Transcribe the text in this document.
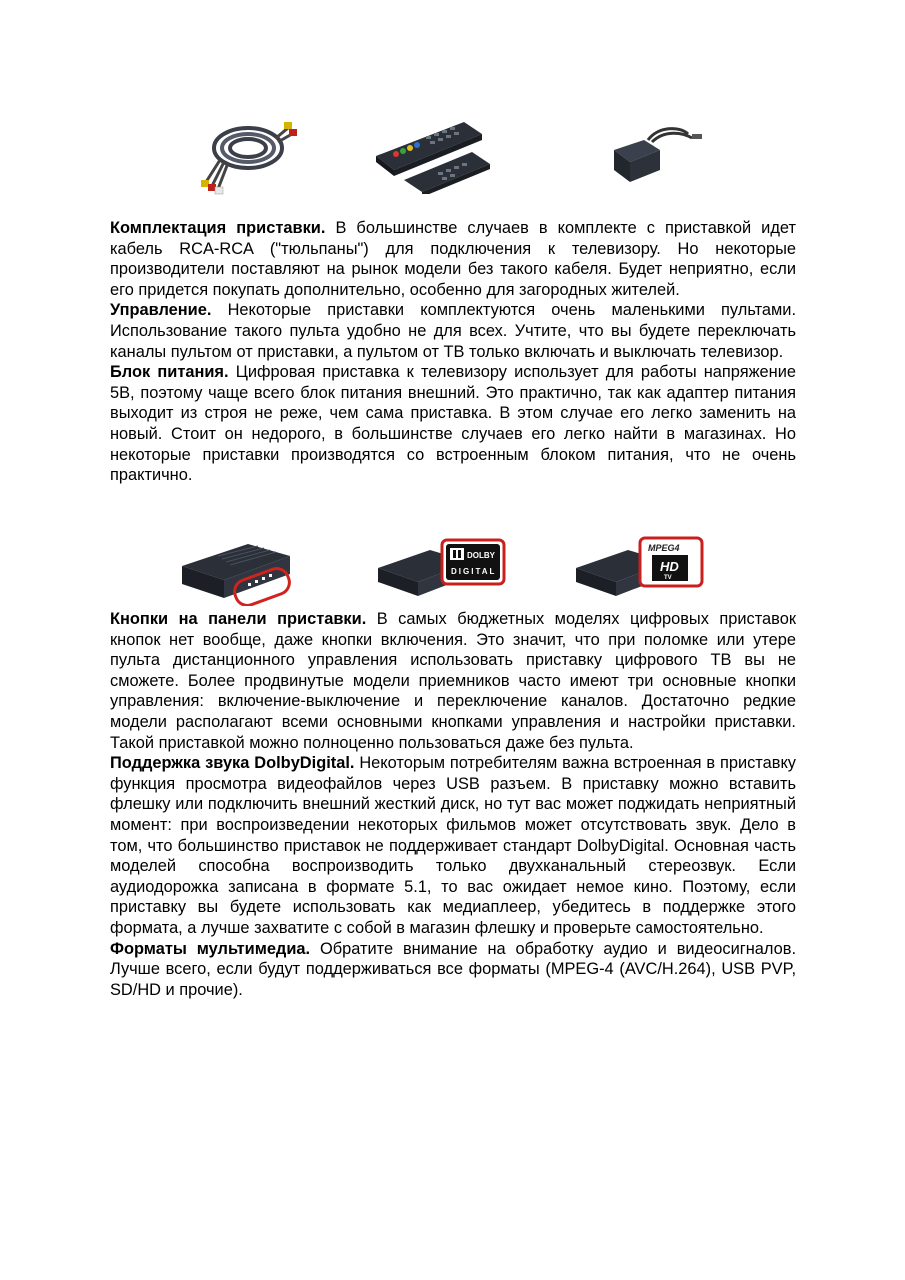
Комплектация приставки. В большинстве случаев в комплекте с приставкой идет кабель RCA-RCA ("тюльпаны") для подключения к телевизору. Но некоторые производители поставляют на рынок модели без такого кабеля. Будет неприятно, если его придется покупать дополнительно, особенно для загородных жителей.

Управление. Некоторые приставки комплектуются очень маленькими пультами. Использование такого пульта удобно не для всех. Учтите, что вы будете переключать каналы пультом от приставки, а пультом от ТВ только включать и выключать телевизор.

Блок питания. Цифровая приставка к телевизору использует для работы напряжение 5В, поэтому чаще всего блок питания внешний. Это практично, так как адаптер питания выходит из строя не реже, чем сама приставка. В этом случае его легко заменить на новый. Стоит он недорого, в большинстве случаев его легко найти в магазинах. Но некоторые приставки производятся со встроенным блоком питания, что не очень практично.

DOLBY
DIGITAL
MPEG4
HD
TV

Кнопки на панели приставки. В самых бюджетных моделях цифровых приставок кнопок нет вообще, даже кнопки включения. Это значит, что при поломке или утере пульта дистанционного управления использовать приставку цифрового ТВ вы не сможете. Более продвинутые модели приемников часто имеют три основные кнопки управления: включение-выключение и переключение каналов. Достаточно редкие модели располагают всеми основными кнопками управления и настройки приставки. Такой приставкой можно полноценно пользоваться даже без пульта.

Поддержка звука DolbyDigital. Некоторым потребителям важна встроенная в приставку функция просмотра видеофайлов через USB разъем. В приставку можно вставить флешку или подключить внешний жесткий диск, но тут вас может поджидать неприятный момент: при воспроизведении некоторых фильмов может отсутствовать звук. Дело в том, что большинство приставок не поддерживает стандарт DolbyDigital. Основная часть моделей способна воспроизводить только двухканальный стереозвук. Если аудиодорожка записана в формате 5.1, то вас ожидает немое кино. Поэтому, если приставку вы будете использовать как медиаплеер, убедитесь в поддержке этого формата, а лучше захватите с собой в магазин флешку и проверьте самостоятельно.

Форматы мультимедиа. Обратите внимание на обработку аудио и видеосигналов. Лучше всего, если будут поддерживаться все форматы (MPEG-4 (AVC/H.264), USB PVP, SD/HD и прочие).
